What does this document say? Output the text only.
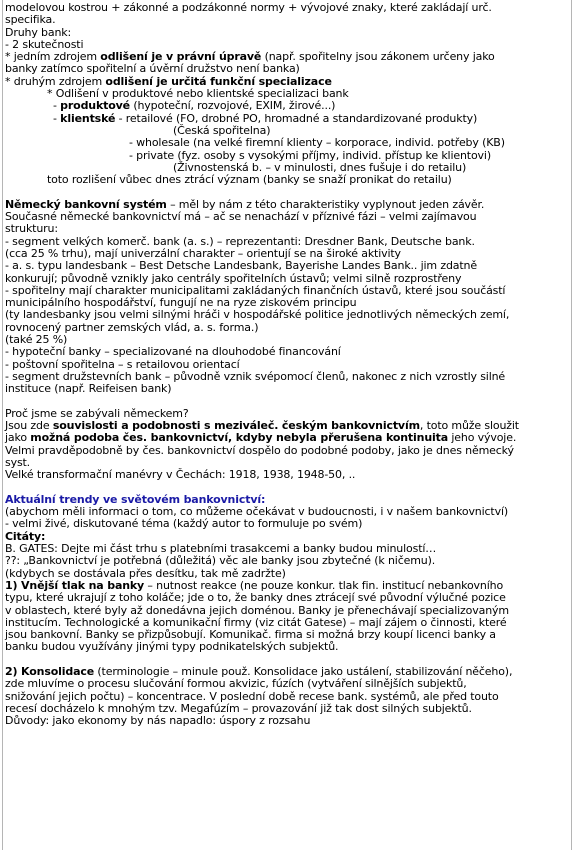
modelovou kostrou + zákonné a podzákonné normy + vývojové znaky, které zakládají urč.
specifika.
Druhy bank:
- 2 skutečnosti
* jedním zdrojem odlišení je v právní úpravě (např. spořitelny jsou zákonem určeny jako
banky zatímco spořitelní a úvěrní družstvo není banka)
* druhým zdrojem odlišení je určitá funkční specializace
* Odlišení v produktové nebo klientské specializaci bank
- produktové (hypoteční, rozvojové, EXIM, žirové...)
- klientské - retailové (FO, drobné PO, hromadné a standardizované produkty)
(Česká spořitelna)
- wholesale (na velké firemní klienty – korporace, individ. potřeby (KB)
- private (fyz. osoby s vysokými příjmy, individ. přístup ke klientovi)
(Živnostenská b. – v minulosti, dnes fušuje i do retailu)
toto rozlišení vůbec dnes ztrácí význam (banky se snaží pronikat do retailu)
Německý bankovní systém – měl by nám z této charakteristiky vyplynout jeden závěr.
Současné německé bankovnictví má – ač se nenachází v příznivé fázi – velmi zajímavou
strukturu:
- segment velkých komerč. bank (a. s.) – reprezentanti: Dresdner Bank, Deutsche bank.
(cca 25 % trhu), mají univerzální charakter – orientují se na široké aktivity
- a. s. typu landesbank – Best Detsche Landesbank, Bayerishe Landes Bank.. jim zdatně
konkurují; původně vznikly jako centrály spořitelních ústavů; velmi silně rozprostřeny
- spořitelny mají charakter municipalitami zakládaných finančních ústavů, které jsou součástí
municipálního hospodářství, fungují ne na ryze ziskovém principu
(ty landesbanky jsou velmi silnými hráči v hospodářské politice jednotlivých německých zemí,
rovnocený partner zemských vlád, a. s. forma.)
(také 25 %)
- hypoteční banky – specializované na dlouhodobé financování
- poštovní spořitelna – s retailovou orientací
- segment družstevních bank – původně vznik svépomocí členů, nakonec z nich vzrostly silné
instituce (např. Reifeisen bank)
Proč jsme se zabývali německem?
Jsou zde souvislosti a podobnosti s meziváleč. českým bankovnictvím, toto může sloužit
jako možná podoba čes. bankovnictví, kdyby nebyla přerušena kontinuita jeho vývoje.
Velmi pravděpodobně by čes. bankovnictví dospělo do podobné podoby, jako je dnes německý
syst.
Velké transformační manévry v Čechách: 1918, 1938, 1948-50, ..
Aktuální trendy ve světovém bankovnictví:
(abychom měli informaci o tom, co můžeme očekávat v budoucnosti, i v našem bankovnictví)
- velmi živé, diskutované téma (každý autor to formuluje po svém)
Citáty:
B. GATES: Dejte mi část trhu s platebními trasakcemi a banky budou minulostí…
??: „Bankovnictví je potřebná (důležitá) věc ale banky jsou zbytečné (k ničemu).
(kdybych se dostávala přes desítku, tak mě zadržte)
1) Vnější tlak na banky – nutnost reakce (ne pouze konkur. tlak fin. institucí nebankovního
typu, které ukrajují z toho koláče; jde o to, že banky dnes ztrácejí své původní výlučné pozice
v oblastech, které byly až donedávna jejich doménou. Banky je přenechávají specializovaným
institucím. Technologické a komunikační firmy (viz citát Gatese) – mají zájem o činnosti, které
jsou bankovní. Banky se přizpůsobují. Komunikač. firma si možná brzy koupí licenci banky a
banku budou využívány jinými typy podnikatelských subjektů.
2) Konsolidace (terminologie – minule použ. Konsolidace jako ustálení, stabilizování něčeho),
zde mluvíme o procesu slučování formou akvizic, fúzích (vytváření silnějších subjektů,
snižování jejich počtu) – koncentrace. V poslední době recese bank. systémů, ale před touto
recesí docházelo k mnohým tzv. Megafúzím – provazování již tak dost silných subjektů.
Důvody: jako ekonomy by nás napadlo: úspory z rozsahu
